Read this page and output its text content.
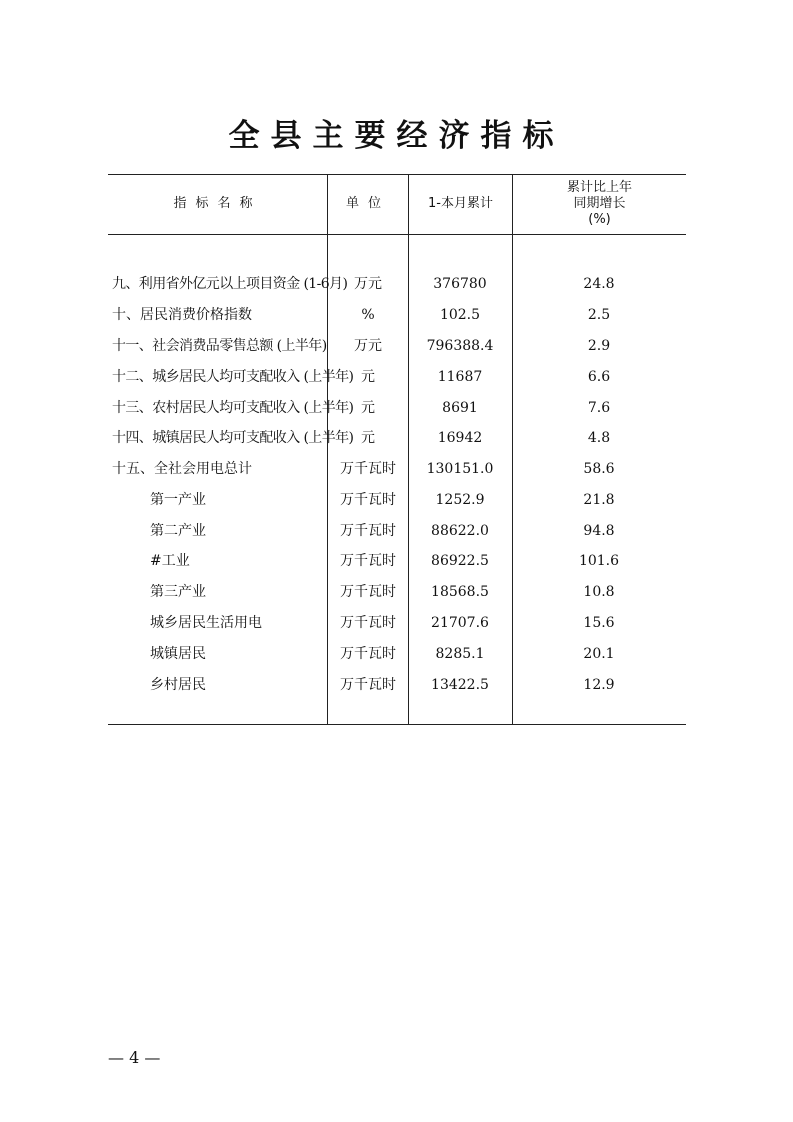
全县主要经济指标
指标名称	单位	1-本月累计
累计比上年
同期增长
(%)
九、利用省外亿元以上项目资金 (1-6月) 万元	376780	24.8
十、居民消费价格指数	%	102.5	2.5
十一、社会消费品零售总额 (上半年)	万元	796388.4	2.9
十二、城乡居民人均可支配收入 (上半年) 元	11687	6.6
十三、农村居民人均可支配收入 (上半年) 元	8691	7.6
十四、城镇居民人均可支配收入 (上半年) 元	16942	4.8
十五、全社会用电总计	万千瓦时	130151.0	58.6
第一产业	万千瓦时	1252.9	21.8
第二产业	万千瓦时	88622.0	94.8
#工业	万千瓦时	86922.5	101.6
第三产业	万千瓦时	18568.5	10.8
城乡居民生活用电	万千瓦时	21707.6	15.6
城镇居民	万千瓦时	8285.1	20.1
乡村居民	万千瓦时	13422.5	12.9
— 4 —
